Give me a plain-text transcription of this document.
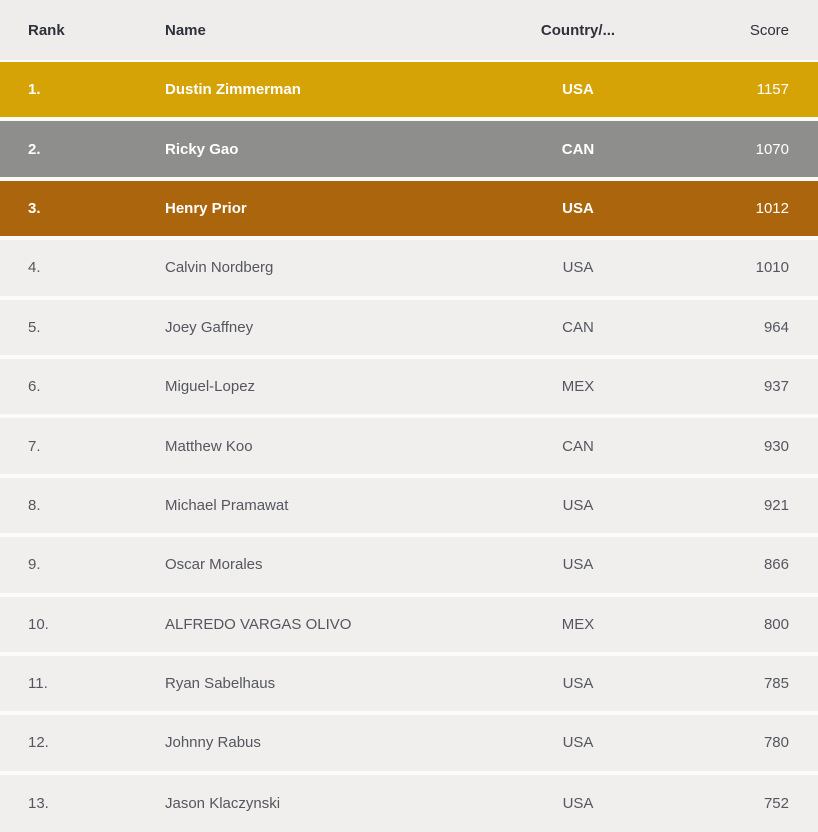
Rank	Name	Country/...	Score
1.	Dustin Zimmerman	USA	1157
2.	Ricky Gao	CAN	1070
3.	Henry Prior	USA	1012
4.	Calvin Nordberg	USA	1010
5.	Joey Gaffney	CAN	964
6.	Miguel-Lopez	MEX	937
7.	Matthew Koo	CAN	930
8.	Michael Pramawat	USA	921
9.	Oscar Morales	USA	866
10.	ALFREDO VARGAS OLIVO	MEX	800
11.	Ryan Sabelhaus	USA	785
12.	Johnny Rabus	USA	780
13.	Jason Klaczynski	USA	752
